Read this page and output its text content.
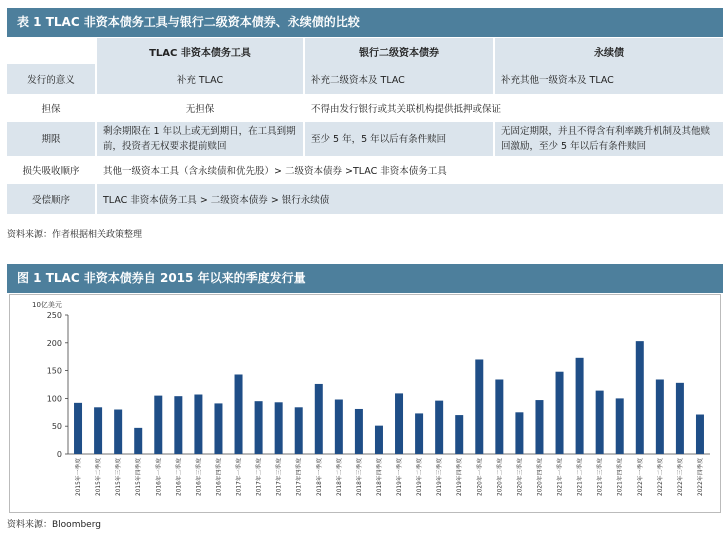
表 1 TLAC 非资本债务工具与银行二级资本债券、永续债的比较
	TLAC 非资本债务工具	银行二级资本债券	永续债
发行的意义	补充 TLAC	补充二级资本及 TLAC	补充其他一级资本及 TLAC
担保	无担保	不得由发行银行或其关联机构提供抵押或保证	
期限	剩余期限在 1 年以上或无到期日，在工具到期前，投资者无权要求提前赎回	至少 5 年，5 年以后有条件赎回	无固定期限，并且不得含有利率跳升机制及其他赎回激励，至少 5 年以后有条件赎回
损失吸收顺序	其他一级资本工具（含永续债和优先股）> 二级资本债券 >TLAC 非资本债务工具		
受偿顺序	TLAC 非资本债务工具 > 二级资本债券 > 银行永续债		
资料来源：作者根据相关政策整理
图 1 TLAC 非资本债券自 2015 年以来的季度发行量
10亿美元
0
50
100
150
200
250
2015年一季度	2015年二季度	2015年三季度	2015年四季度	2016年一季度	2016年二季度	2016年三季度	2016年四季度	2017年一季度	2017年二季度	2017年三季度	2017年四季度	2018年一季度	2018年二季度	2018年三季度	2018年四季度	2019年一季度	2019年二季度	2019年三季度	2019年四季度	2020年一季度	2020年二季度	2020年三季度	2020年四季度	2021年一季度	2021年二季度	2021年三季度	2021年四季度	2022年一季度	2022年二季度	2022年三季度	2022年四季度
资料来源：Bloomberg
